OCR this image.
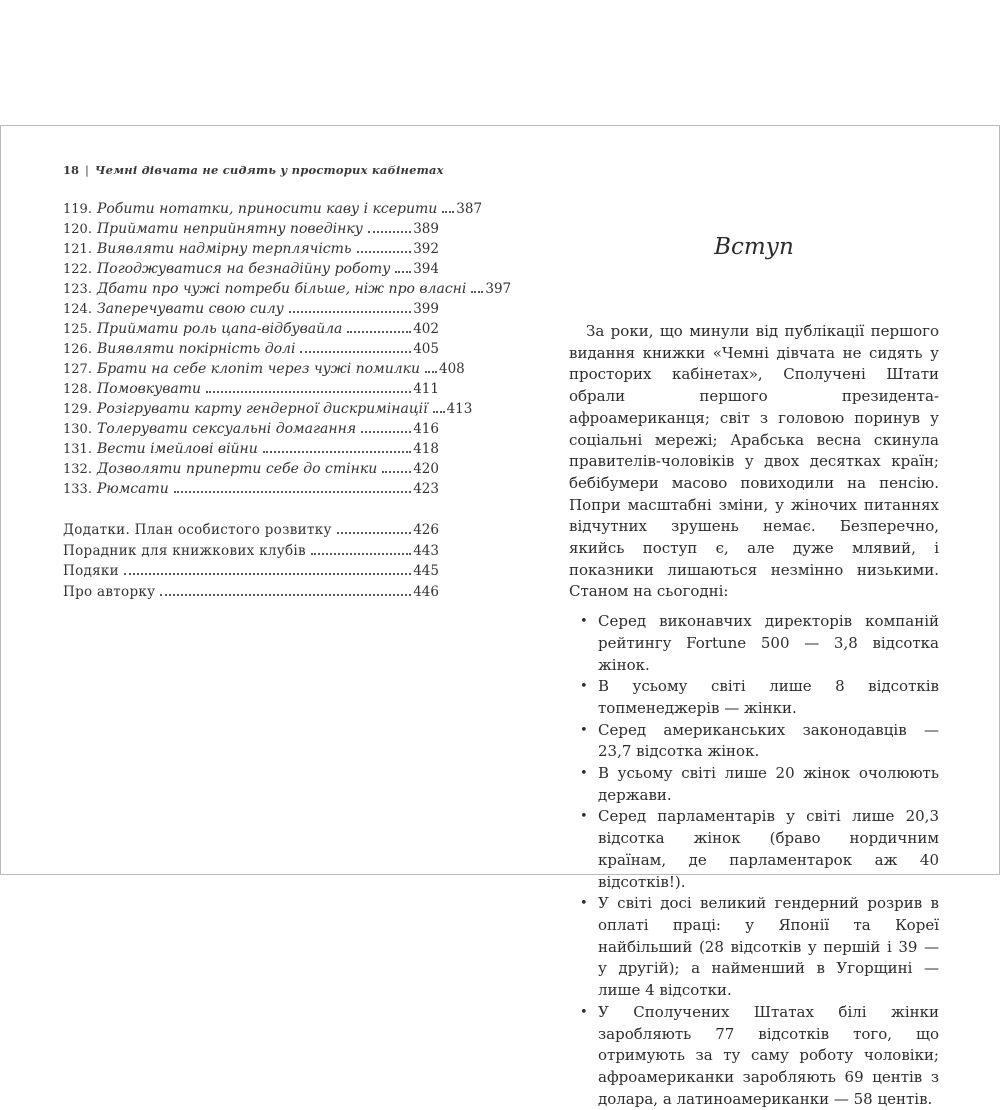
18 | Чемні дівчата не сидять у просторих кабінетах
119. Робити нотатки, приносити каву і ксерити 387
120. Приймати неприйнятну поведінку	389
121. Виявляти надмірну терплячість	392
122. Погоджуватися на безнадійну роботу 394
123. Дбати про чужі потреби більше, ніж про власні 397
124. Заперечувати свою силу	399
125. Приймати роль цапа-відбувайла	402
126. Виявляти покірність долі	405
127. Брати на себе клопіт через чужі помилки 408
128. Помовкувати	411
129. Розігрувати карту гендерної дискримінації 413
130. Толерувати сексуальні домагання	416
131. Вести імейлові війни	418
132. Дозволяти приперти себе до стінки	420
133. Рюмсати	423
Додатки. План особистого розвитку	426
Порадник для книжкових клубів	443
Подяки	445
Про авторку	446
Вступ

За роки, що минули від публікації першого видання книжки «Чемні дівчата не сидять у просторих кабінетах», Сполучені Штати обрали першого президента-афроамериканця; світ з головою поринув у соціальні мережі; Арабська весна скинула правителів-чоловіків у двох десятках країн; бебібумери масово повиходили на пенсію. Попри масштабні зміни, у жіночих питаннях відчутних зрушень немає. Безперечно, якийсь поступ є, але дуже млявий, і показники лишаються незмінно низькими. Станом на сьогодні:

• Серед виконавчих директорів компаній рейтингу Fortune 500 — 3,8 відсотка жінок.
• В усьому світі лише 8 відсотків топменеджерів — жінки.
• Серед американських законодавців — 23,7 відсотка жінок.
• В усьому світі лише 20 жінок очолюють держави.
• Серед парламентарів у світі лише 20,3 відсотка жінок (браво нордичним країнам, де парламентарок аж 40 відсотків!).
• У світі досі великий гендерний розрив в оплаті праці: у Японії та Кореї найбільший (28 відсотків у першій і 39 — у другій); а найменший в Угорщині — лише 4 відсотки.
• У Сполучених Штатах білі жінки заробляють 77 відсотків того, що отримують за ту саму роботу чоловіки; афроамериканки заробляють 69 центів з долара, а латиноамериканки — 58 центів.
